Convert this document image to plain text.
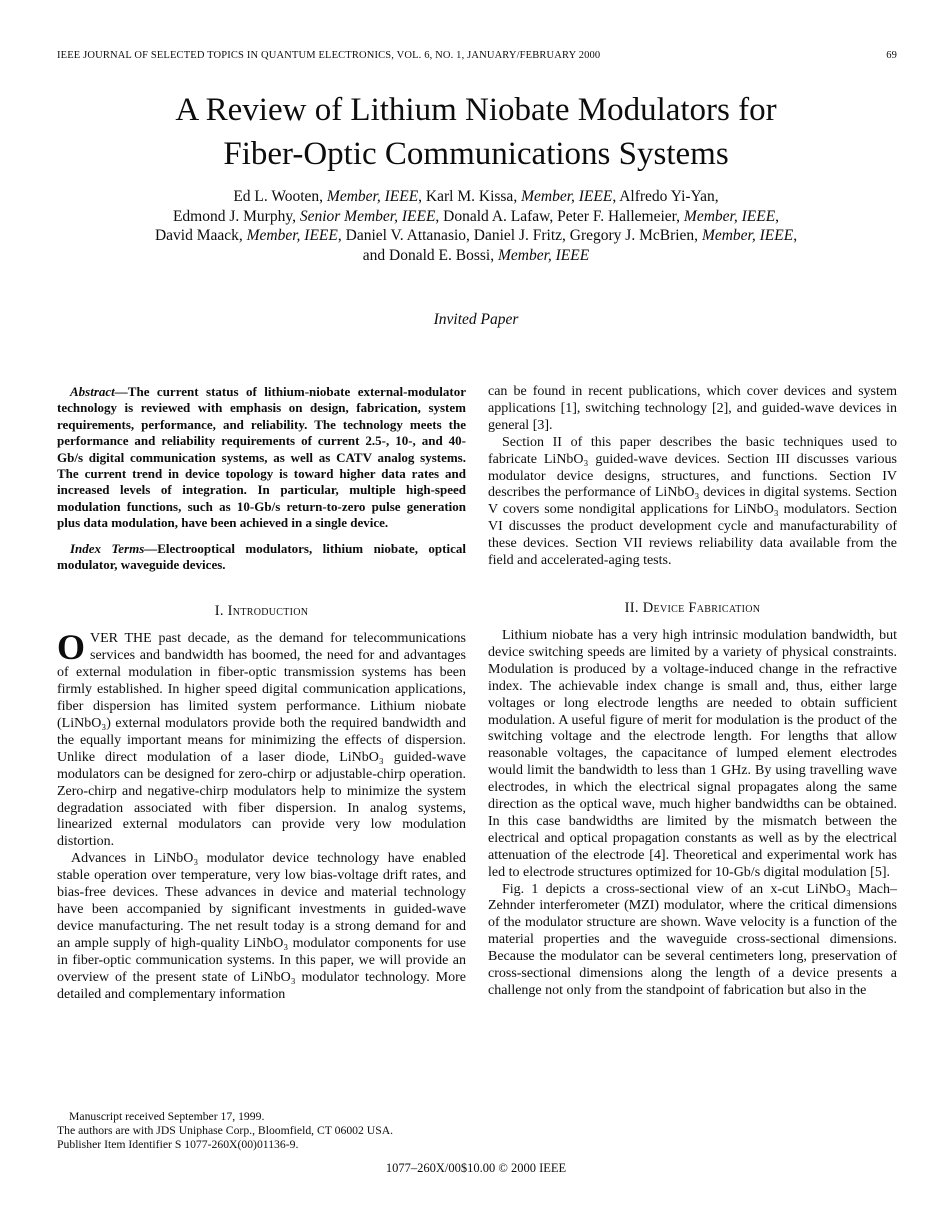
IEEE JOURNAL OF SELECTED TOPICS IN QUANTUM ELECTRONICS, VOL. 6, NO. 1, JANUARY/FEBRUARY 2000	69
A Review of Lithium Niobate Modulators for
Fiber-Optic Communications Systems
Ed L. Wooten, Member, IEEE, Karl M. Kissa, Member, IEEE, Alfredo Yi-Yan,
Edmond J. Murphy, Senior Member, IEEE, Donald A. Lafaw, Peter F. Hallemeier, Member, IEEE,
David Maack, Member, IEEE, Daniel V. Attanasio, Daniel J. Fritz, Gregory J. McBrien, Member, IEEE,
and Donald E. Bossi, Member, IEEE
Invited Paper

Abstract—The current status of lithium-niobate external-modulator technology is reviewed with emphasis on design, fabrication, system requirements, performance, and reliability. The technology meets the performance and reliability requirements of current 2.5-, 10-, and 40-Gb/s digital communication systems, as well as CATV analog systems. The current trend in device topology is toward higher data rates and increased levels of integration. In particular, multiple high-speed modulation functions, such as 10-Gb/s return-to-zero pulse generation plus data modulation, have been achieved in a single device.

Index Terms—Electrooptical modulators, lithium niobate, optical modulator, waveguide devices.

I. Introduction

OVER THE past decade, as the demand for telecommunications services and bandwidth has boomed, the need for and advantages of external modulation in fiber-optic transmission systems has been firmly established. In higher speed digital communication applications, fiber dispersion has limited system performance. Lithium niobate (LiNbO₃) external modulators provide both the required bandwidth and the equally important means for minimizing the effects of dispersion. Unlike direct modulation of a laser diode, LiNbO₃ guided-wave modulators can be designed for zero-chirp or adjustable-chirp operation. Zero-chirp and negative-chirp modulators help to minimize the system degradation associated with fiber dispersion. In analog systems, linearized external modulators can provide very low modulation distortion.

Advances in LiNbO₃ modulator device technology have enabled stable operation over temperature, very low bias-voltage drift rates, and bias-free devices. These advances in device and material technology have been accompanied by significant investments in guided-wave device manufacturing. The net result today is a strong demand for and an ample supply of high-quality LiNbO₃ modulator components for use in fiber-optic communication systems. In this paper, we will provide an overview of the present state of LiNbO₃ modulator technology. More detailed and complementary information

Manuscript received September 17, 1999.

The authors are with JDS Uniphase Corp., Bloomfield, CT 06002 USA.

Publisher Item Identifier S 1077-260X(00)01136-9.

can be found in recent publications, which cover devices and system applications [1], switching technology [2], and guided-wave devices in general [3].

Section II of this paper describes the basic techniques used to fabricate LiNbO₃ guided-wave devices. Section III discusses various modulator device designs, structures, and functions. Section IV describes the performance of LiNbO₃ devices in digital systems. Section V covers some nondigital applications for LiNbO₃ modulators. Section VI discusses the product development cycle and manufacturability of these devices. Section VII reviews reliability data available from the field and accelerated-aging tests.

II. Device Fabrication

Lithium niobate has a very high intrinsic modulation bandwidth, but device switching speeds are limited by a variety of physical constraints. Modulation is produced by a voltage-induced change in the refractive index. The achievable index change is small and, thus, either large voltages or long electrode lengths are needed to obtain sufficient modulation. A useful figure of merit for modulation is the product of the switching voltage and the electrode length. For lengths that allow reasonable voltages, the capacitance of lumped element electrodes would limit the bandwidth to less than 1 GHz. By using travelling wave electrodes, in which the electrical signal propagates along the same direction as the optical wave, much higher bandwidths can be obtained. In this case bandwidths are limited by the mismatch between the electrical and optical propagation constants as well as by the electrical attenuation of the electrode [4]. Theoretical and experimental work has led to electrode structures optimized for 10-Gb/s digital modulation [5].

Fig. 1 depicts a cross-sectional view of an x-cut LiNbO₃ Mach–Zehnder interferometer (MZI) modulator, where the critical dimensions of the modulator structure are shown. Wave velocity is a function of the material properties and the waveguide cross-sectional dimensions. Because the modulator can be several centimeters long, preservation of cross-sectional dimensions along the length of a device presents a challenge not only from the standpoint of fabrication but also in the

1077–260X/00$10.00 © 2000 IEEE
